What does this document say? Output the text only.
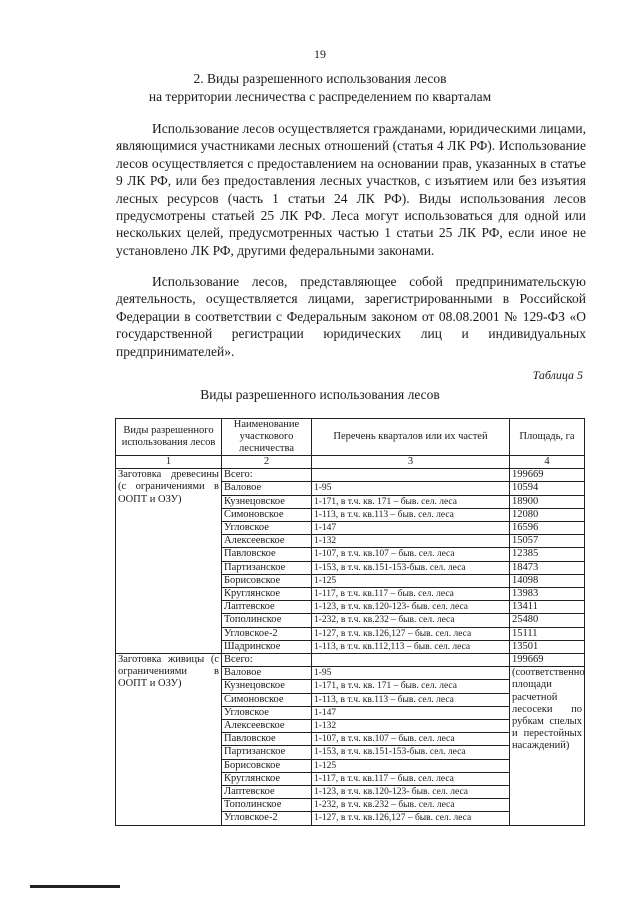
19
2. Виды разрешенного использования лесов
на территории лесничества с распределением по кварталам

Использование лесов осуществляется гражданами, юридическими лицами, являющимися участниками лесных отношений (статья 4 ЛК РФ). Использование лесов осуществляется с предоставлением на основании прав, указанных в статье 9 ЛК РФ, или без предоставления лесных участков, с изъятием или без изъятия лесных ресурсов (часть 1 статьи 24 ЛК РФ). Виды использования лесов предусмотрены статьей 25 ЛК РФ. Леса могут использоваться для одной или нескольких целей, предусмотренных частью 1 статьи 25 ЛК РФ, если иное не установлено ЛК РФ, другими федеральными законами.

Использование лесов, представляющее собой предпринимательскую деятельность, осуществляется лицами, зарегистрированными в Российской Федерации в соответствии с Федеральным законом от 08.08.2001 № 129-ФЗ «О государственной регистрации юридических лиц и индивидуальных предпринимателей».

Таблица 5
Виды разрешенного использования лесов
Виды разрешенного использования лесов	Наименование участкового лесничества	Перечень кварталов или их частей	Площадь, га
1	2	3	4
Заготовка древесины (с ограничениями в ООПТ и ОЗУ)	Всего:		199669
	Валовое	1-95	10594
	Кузнецовское	1-171, в т.ч. кв. 171 – быв. сел. леса	18900
	Симоновское	1-113, в т.ч. кв.113 – быв. сел. леса	12080
	Угловское	1-147	16596
	Алексеевское	1-132	15057
	Павловское	1-107, в т.ч. кв.107 – быв. сел. леса	12385
	Партизанское	1-153, в т.ч. кв.151-153-быв. сел. леса	18473
	Борисовское	1-125	14098
	Круглянское	1-117, в т.ч. кв.117 – быв. сел. леса	13983
	Лаптевское	1-123, в т.ч. кв.120-123- быв. сел. леса	13411
	Тополинское	1-232, в т.ч. кв.232 – быв. сел. леса	25480
	Угловское-2	1-127, в т.ч. кв.126,127 – быв. сел. леса	15111
	Шадринское	1-113, в т.ч. кв.112,113 – быв. сел. леса	13501
Заготовка живицы (с ограничениями в ООПТ и ОЗУ)	Всего:		199669
	Валовое	1-95	(соответственно площади расчетной лесосеки по рубкам спелых и перестойных насаждений)
	Кузнецовское	1-171, в т.ч. кв. 171 – быв. сел. леса	
	Симоновское	1-113, в т.ч. кв.113 – быв. сел. леса	
	Угловское	1-147	
	Алексеевское	1-132	
	Павловское	1-107, в т.ч. кв.107 – быв. сел. леса	
	Партизанское	1-153, в т.ч. кв.151-153-быв. сел. леса	
	Борисовское	1-125	
	Круглянское	1-117, в т.ч. кв.117 – быв. сел. леса	
	Лаптевское	1-123, в т.ч. кв.120-123- быв. сел. леса	
	Тополинское	1-232, в т.ч. кв.232 – быв. сел. леса	
	Угловское-2	1-127, в т.ч. кв.126,127 – быв. сел. леса	
